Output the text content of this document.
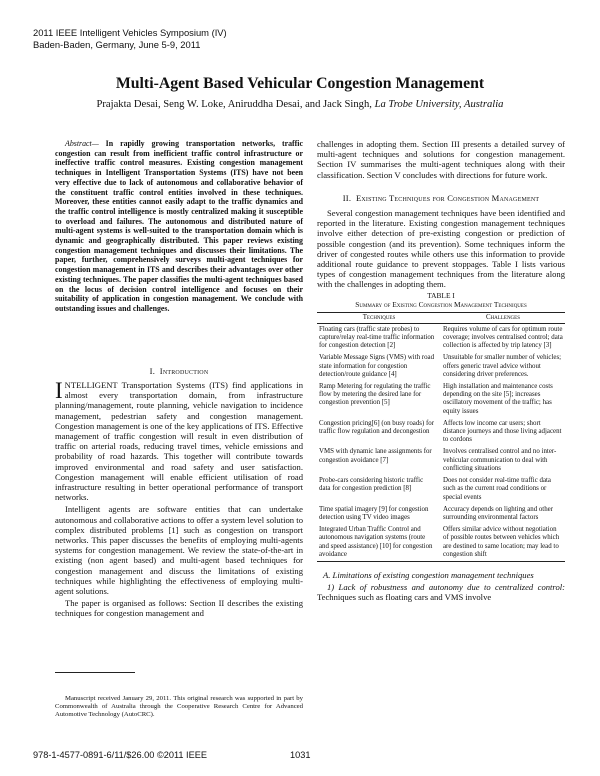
2011 IEEE Intelligent Vehicles Symposium (IV)
Baden-Baden, Germany, June 5-9, 2011
Multi-Agent Based Vehicular Congestion Management
Prajakta Desai, Seng W. Loke, Aniruddha Desai, and Jack Singh, La Trobe University, Australia

Abstract— In rapidly growing transportation networks, traffic congestion can result from inefficient traffic control infrastructure or ineffective traffic control measures. Existing congestion management techniques in Intelligent Transportation Systems (ITS) have not been very effective due to lack of autonomous and collaborative behavior of the constituent traffic control entities involved in these techniques. Moreover, these entities cannot easily adapt to the traffic dynamics and the traffic control intelligence is mostly centralized making it susceptible to overload and failures. The autonomous and distributed nature of multi-agent systems is well-suited to the transportation domain which is dynamic and geographically distributed. This paper reviews existing congestion management techniques and discusses their limitations. The paper, further, comprehensively surveys multi-agent techniques for congestion management in ITS and describes their advantages over other existing techniques. The paper classifies the multi-agent techniques based on the locus of decision control intelligence and focuses on their suitability of application in congestion management. We conclude with outstanding issues and challenges.

I. Introduction

INTELLIGENT Transportation Systems (ITS) find applications in almost every transportation domain, from infrastructure planning/management, route planning, vehicle navigation to incidence management, pedestrian safety and congestion management. Congestion management is one of the key applications of ITS. Effective management of traffic congestion will result in even distribution of traffic on arterial roads, reducing travel times, vehicle emissions and probability of road hazards. This together will contribute towards improved environmental and road safety and user satisfaction. Congestion management will enable efficient utilisation of road infrastructure resulting in better operational performance of transport networks.

Intelligent agents are software entities that can undertake autonomous and collaborative actions to offer a system level solution to complex distributed problems [1] such as congestion on transport networks. This paper discusses the benefits of employing multi-agents systems for congestion management. We review the state-of-the-art in existing (non agent based) and multi-agent based techniques for congestion management and discuss the limitations of existing techniques while highlighting the effectiveness of employing multi-agent solutions.

The paper is organised as follows: Section II describes the existing techniques for congestion management and

Manuscript received January 29, 2011. This original research was supported in part by Commonwealth of Australia through the Cooperative Research Centre for Advanced Automotive Technology (AutoCRC).
978-1-4577-0891-6/11/$26.00 ©2011 IEEE	1031

challenges in adopting them. Section III presents a detailed survey of multi-agent techniques and solutions for congestion management. Section IV summarises the multi-agent techniques along with their classification. Section V concludes with directions for future work.

II. Existing Techniques for Congestion Management

Several congestion management techniques have been identified and reported in the literature. Existing congestion management techniques involve either detection of pre-existing congestion or prediction of possible congestion (and its prevention). Some techniques inform the driver of congested routes while others use this information to provide additional route guidance to prevent stoppages. Table I lists various types of congestion management techniques from the literature along with the challenges in adopting them.

TABLE I
Summary of Existing Congestion Management Techniques
Techniques	Challenges
Floating cars (traffic state probes) to capture/relay real-time traffic information for congestion detection [2]	Requires volume of cars for optimum route coverage; involves centralised control; data collection is affected by trip latency [3]
Variable Message Signs (VMS) with road state information for congestion detection/route guidance [4]	Unsuitable for smaller number of vehicles; offers generic travel advice without considering driver preferences.
Ramp Metering for regulating the traffic flow by metering the desired lane for congestion prevention [5]	High installation and maintenance costs depending on the site [5]; increases oscillatory movement of the traffic; has equity issues
Congestion pricing[6] (on busy roads) for traffic flow regulation and decongestion	Affects low income car users; short distance journeys and those living adjacent to cordons
VMS with dynamic lane assignments for congestion avoidance [7]	Involves centralised control and no inter-vehicular communication to deal with conflicting situations
Probe-cars considering historic traffic data for congestion prediction [8]	Does not consider real-time traffic data such as the current road conditions or special events
Time spatial imagery [9] for congestion detection using TV video images	Accuracy depends on lighting and other surrounding environmental factors
Integrated Urban Traffic Control and autonomous navigation systems (route and speed assistance) [10] for congestion avoidance	Offers similar advice without negotiation of possible routes between vehicles which are destined to same location; may lead to congestion shift

A. Limitations of existing congestion management techniques

1) Lack of robustness and autonomy due to centralized control: Techniques such as floating cars and VMS involve
